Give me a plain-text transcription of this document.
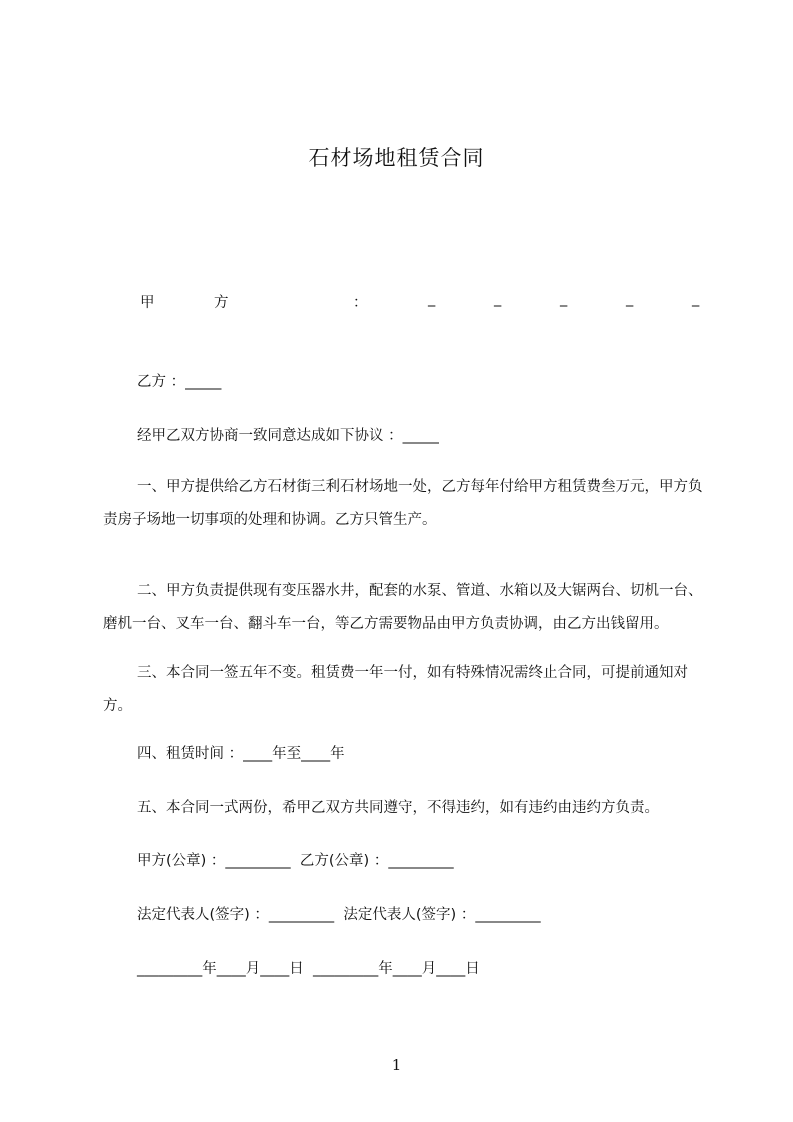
石材场地租赁合同
甲	方	：	_	_	_	_	_
乙方 ：_____
经甲乙双方协商一致同意达成如下协议 ：_____

一、甲方提供给乙方石材街三利石材场地一处，乙方每年付给甲方租赁费叁万元，甲方负责房子场地一切事项的处理和协调。乙方只管生产。

二、甲方负责提供现有变压器水井，配套的水泵、管道、水箱以及大锯两台、切机一台、磨机一台、叉车一台、翻斗车一台，等乙方需要物品由甲方负责协调，由乙方出钱留用。

三、本合同一签五年不变。租赁费一年一付，如有特殊情况需终止合同，可提前通知对方。

四、租赁时间 ：____年至____年
五、本合同一式两份，希甲乙双方共同遵守，不得违约，如有违约由违约方负责。
甲方(公章) ：_________  乙方(公章) ：_________
法定代表人(签字) ：_________  法定代表人(签字) ：_________
_________年____月____日  _________年____月____日
1
